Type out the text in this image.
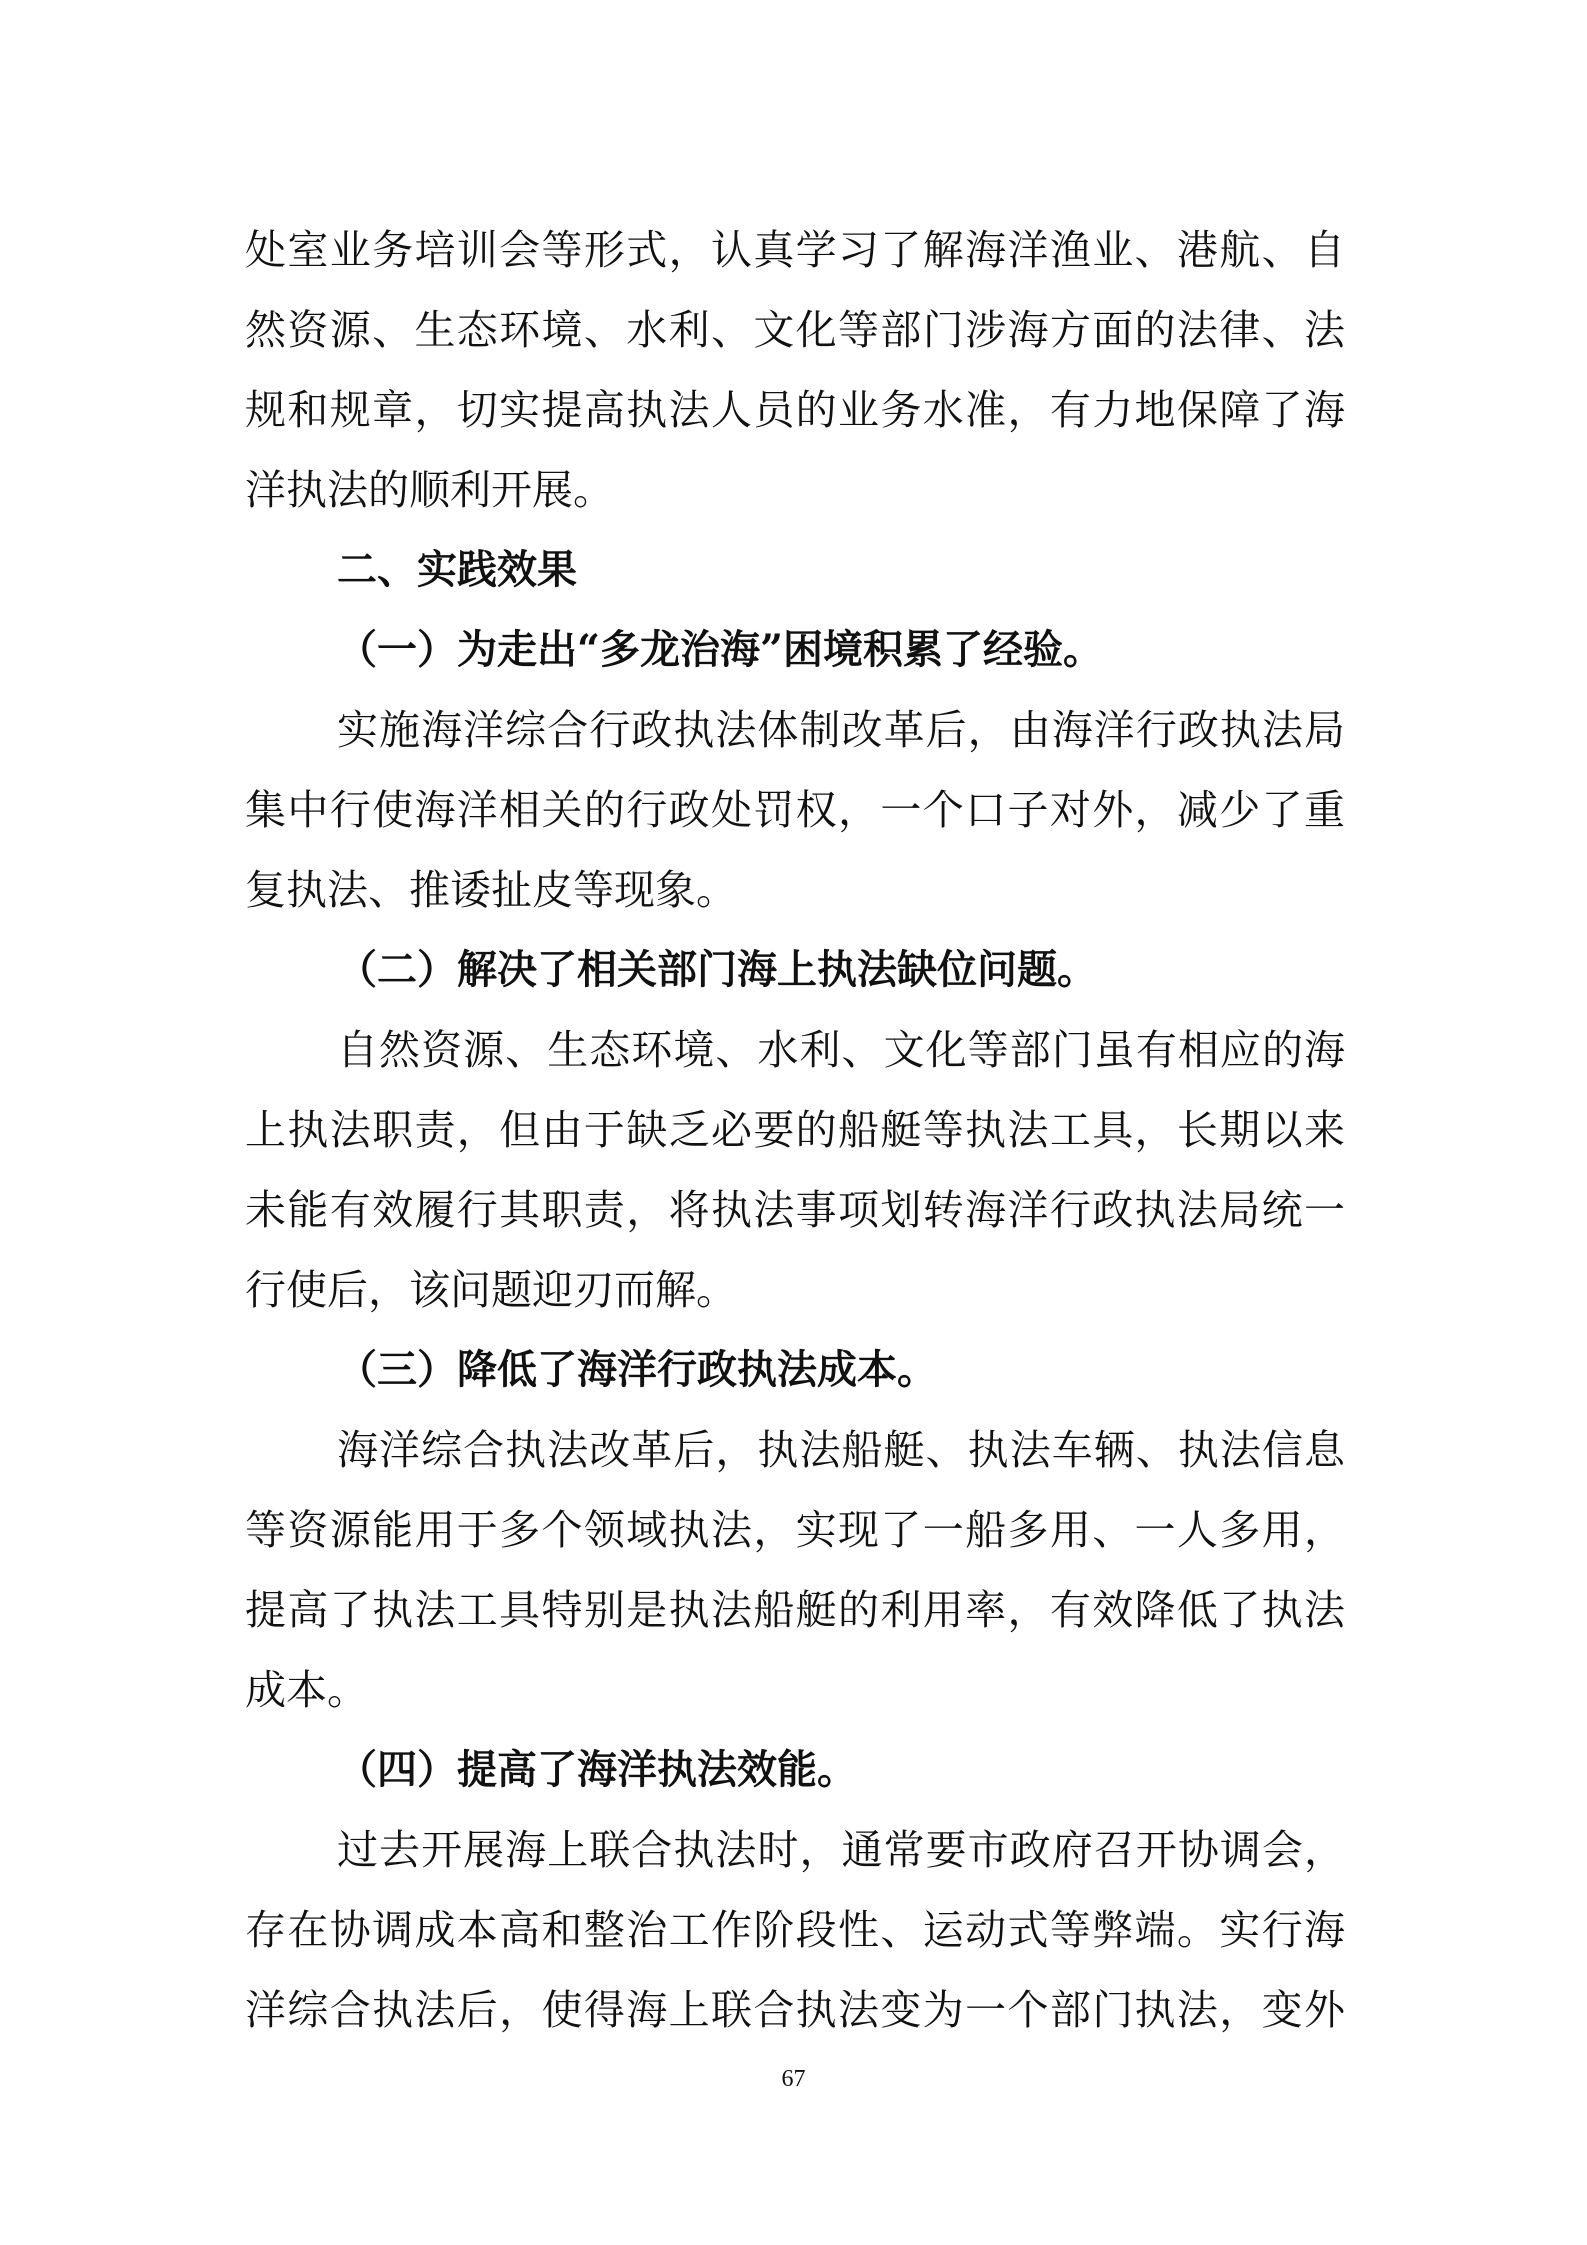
处室业务培训会等形式，认真学习了解海洋渔业、港航、自
然资源、生态环境、水利、文化等部门涉海方面的法律、法
规和规章，切实提高执法人员的业务水准，有力地保障了海
洋执法的顺利开展。
二、实践效果
（一）为走出“多龙治海”困境积累了经验。
实施海洋综合行政执法体制改革后，由海洋行政执法局
集中行使海洋相关的行政处罚权，一个口子对外，减少了重
复执法、推诿扯皮等现象。
（二）解决了相关部门海上执法缺位问题。
自然资源、生态环境、水利、文化等部门虽有相应的海
上执法职责，但由于缺乏必要的船艇等执法工具，长期以来
未能有效履行其职责，将执法事项划转海洋行政执法局统一
行使后，该问题迎刃而解。
（三）降低了海洋行政执法成本。
海洋综合执法改革后，执法船艇、执法车辆、执法信息
等资源能用于多个领域执法，实现了一船多用、一人多用，
提高了执法工具特别是执法船艇的利用率，有效降低了执法
成本。
（四）提高了海洋执法效能。
过去开展海上联合执法时，通常要市政府召开协调会，
存在协调成本高和整治工作阶段性、运动式等弊端。实行海
洋综合执法后，使得海上联合执法变为一个部门执法，变外
67
